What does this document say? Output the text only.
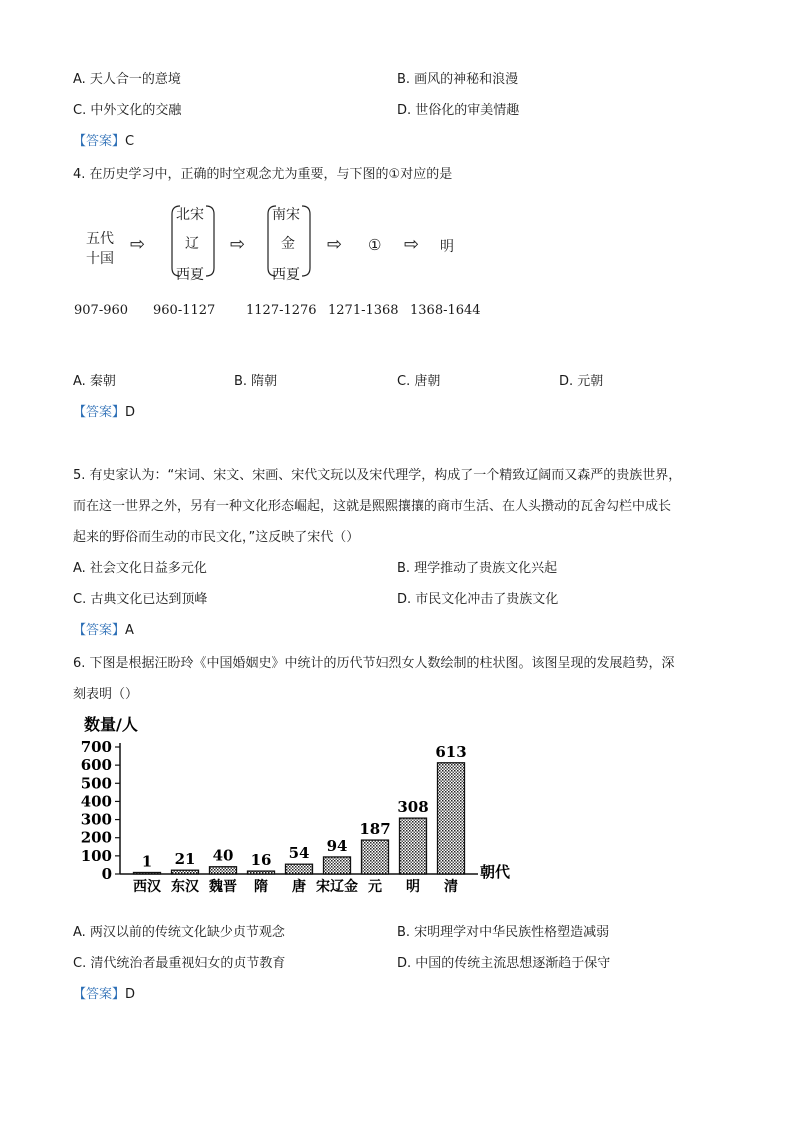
A. 天人合一的意境	B. 画风的神秘和浪漫
C. 中外文化的交融	D. 世俗化的审美情趣
【答案】C
4. 在历史学习中，正确的时空观念尤为重要，与下图的①对应的是
五代
十国
⇨
北宋
辽
西夏
⇨
南宋
金
西夏
⇨ ① ⇨ 明
907-960 960-1127 1127-1276 1271-1368 1368-1644
A. 秦朝	B. 隋朝	C. 唐朝	D. 元朝
【答案】D
5. 有史家认为：“宋词、宋文、宋画、宋代文玩以及宋代理学，构成了一个精致辽阔而又森严的贵族世界，
而在这一世界之外，另有一种文化形态崛起，这就是熙熙攘攘的商市生活、在人头攒动的瓦舍勾栏中成长
起来的野俗而生动的市民文化，”这反映了宋代（）
A. 社会文化日益多元化	B. 理学推动了贵族文化兴起
C. 古典文化已达到顶峰	D. 市民文化冲击了贵族文化
【答案】A
6. 下图是根据汪盼玲《中国婚姻史》中统计的历代节妇烈女人数绘制的柱状图。该图呈现的发展趋势，深
刻表明（）
数量/人
朝代
0
100
200
300
400
500
600
700
1
西汉
21
东汉
40
魏晋
16
隋
54
唐
94
宋辽金
187
元
308
明
613
清
A. 两汉以前的传统文化缺少贞节观念	B. 宋明理学对中华民族性格塑造减弱
C. 清代统治者最重视妇女的贞节教育	D. 中国的传统主流思想逐渐趋于保守
【答案】D
